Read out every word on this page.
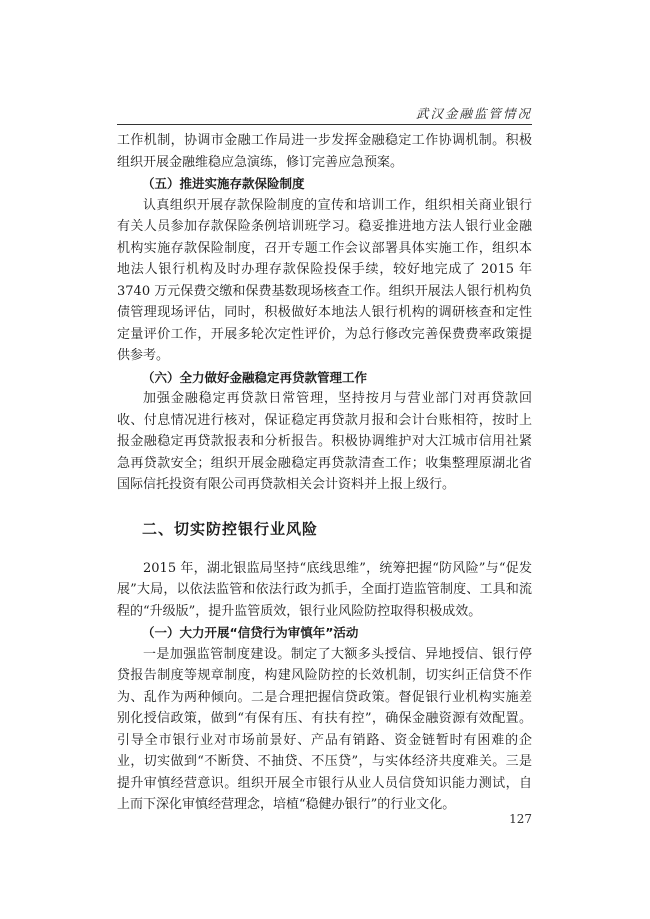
武汉金融监管情况

工作机制，协调市金融工作局进一步发挥金融稳定工作协调机制。积极组织开展金融维稳应急演练，修订完善应急预案。

（五）推进实施存款保险制度

认真组织开展存款保险制度的宣传和培训工作，组织相关商业银行有关人员参加存款保险条例培训班学习。稳妥推进地方法人银行业金融机构实施存款保险制度，召开专题工作会议部署具体实施工作，组织本地法人银行机构及时办理存款保险投保手续，较好地完成了 2015 年 3740 万元保费交缴和保费基数现场核查工作。组织开展法人银行机构负债管理现场评估，同时，积极做好本地法人银行机构的调研核查和定性定量评价工作，开展多轮次定性评价，为总行修改完善保费费率政策提供参考。

（六）全力做好金融稳定再贷款管理工作

加强金融稳定再贷款日常管理，坚持按月与营业部门对再贷款回收、付息情况进行核对，保证稳定再贷款月报和会计台账相符，按时上报金融稳定再贷款报表和分析报告。积极协调维护对大江城市信用社紧急再贷款安全；组织开展金融稳定再贷款清查工作；收集整理原湖北省国际信托投资有限公司再贷款相关会计资料并上报上级行。

二、切实防控银行业风险

2015 年，湖北银监局坚持“底线思维”，统筹把握“防风险”与“促发展”大局，以依法监管和依法行政为抓手，全面打造监管制度、工具和流程的“升级版”，提升监管质效，银行业风险防控取得积极成效。

（一）大力开展“信贷行为审慎年”活动

一是加强监管制度建设。制定了大额多头授信、异地授信、银行停贷报告制度等规章制度，构建风险防控的长效机制，切实纠正信贷不作为、乱作为两种倾向。二是合理把握信贷政策。督促银行业机构实施差别化授信政策，做到“有保有压、有扶有控”，确保金融资源有效配置。引导全市银行业对市场前景好、产品有销路、资金链暂时有困难的企业，切实做到“不断贷、不抽贷、不压贷”，与实体经济共度难关。三是提升审慎经营意识。组织开展全市银行从业人员信贷知识能力测试，自上而下深化审慎经营理念，培植“稳健办银行”的行业文化。

127
